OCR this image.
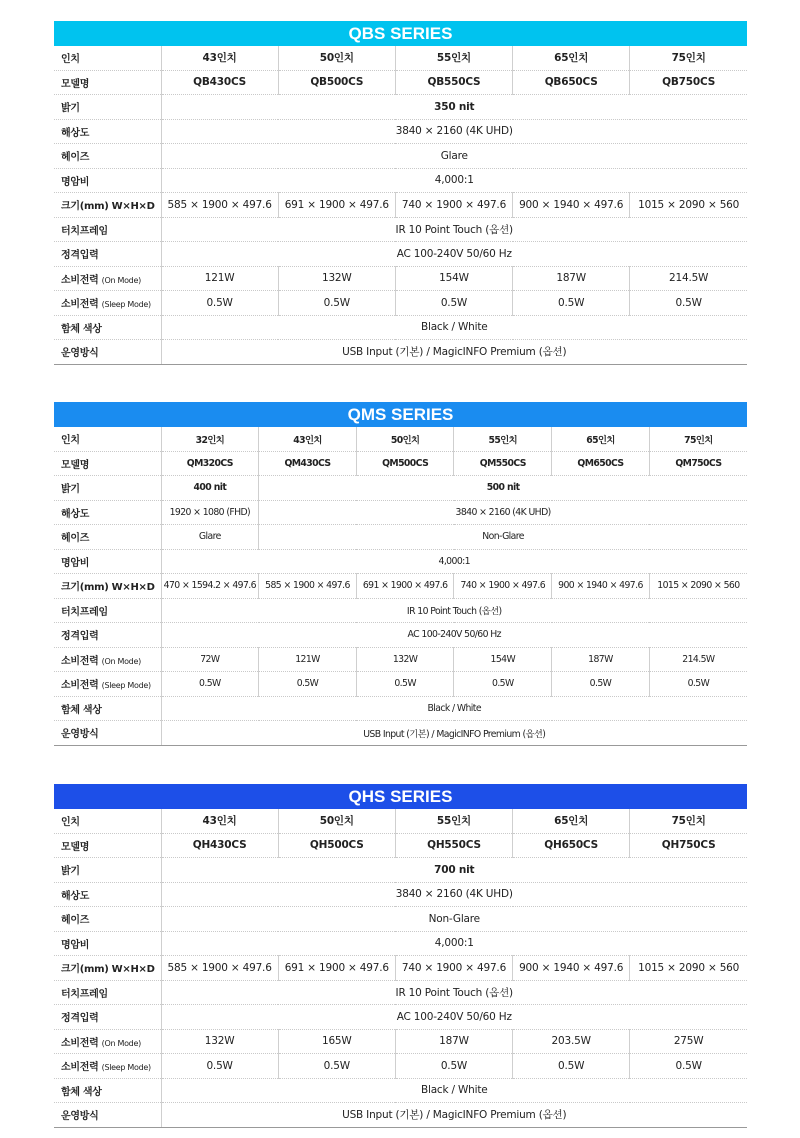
QBS SERIES
인치	43인치	50인치	55인치	65인치	75인치
모델명	QB430CS	QB500CS	QB550CS	QB650CS	QB750CS
밝기	350 nit				
해상도	3840 × 2160 (4K UHD)				
헤이즈	Glare				
명암비	4,000:1				
크기(mm) W×H×D	585 × 1900 × 497.6	691 × 1900 × 497.6	740 × 1900 × 497.6	900 × 1940 × 497.6	1015 × 2090 × 560
터치프레임	IR 10 Point Touch (옵션)				
정격입력	AC 100-240V 50/60 Hz				
소비전력 (On Mode)	121W	132W	154W	187W	214.5W
소비전력 (Sleep Mode)	0.5W	0.5W	0.5W	0.5W	0.5W
함체 색상	Black / White				
운영방식	USB Input (기본) / MagicINFO Premium (옵션)				
QMS SERIES
인치	32인치	43인치	50인치	55인치	65인치	75인치
모델명	QM320CS	QM430CS	QM500CS	QM550CS	QM650CS	QM750CS
밝기	400 nit	500 nit				
해상도	1920 × 1080 (FHD)	3840 × 2160 (4K UHD)				
헤이즈	Glare	Non-Glare				
명암비	4,000:1					
크기(mm) W×H×D	470 × 1594.2 × 497.6	585 × 1900 × 497.6	691 × 1900 × 497.6	740 × 1900 × 497.6	900 × 1940 × 497.6	1015 × 2090 × 560
터치프레임	IR 10 Point Touch (옵션)					
정격입력	AC 100-240V 50/60 Hz					
소비전력 (On Mode)	72W	121W	132W	154W	187W	214.5W
소비전력 (Sleep Mode)	0.5W	0.5W	0.5W	0.5W	0.5W	0.5W
함체 색상	Black / White					
운영방식	USB Input (기본) / MagicINFO Premium (옵션)					
QHS SERIES
인치	43인치	50인치	55인치	65인치	75인치
모델명	QH430CS	QH500CS	QH550CS	QH650CS	QH750CS
밝기	700 nit				
해상도	3840 × 2160 (4K UHD)				
헤이즈	Non-Glare				
명암비	4,000:1				
크기(mm) W×H×D	585 × 1900 × 497.6	691 × 1900 × 497.6	740 × 1900 × 497.6	900 × 1940 × 497.6	1015 × 2090 × 560
터치프레임	IR 10 Point Touch (옵션)				
정격입력	AC 100-240V 50/60 Hz				
소비전력 (On Mode)	132W	165W	187W	203.5W	275W
소비전력 (Sleep Mode)	0.5W	0.5W	0.5W	0.5W	0.5W
함체 색상	Black / White				
운영방식	USB Input (기본) / MagicINFO Premium (옵션)				
